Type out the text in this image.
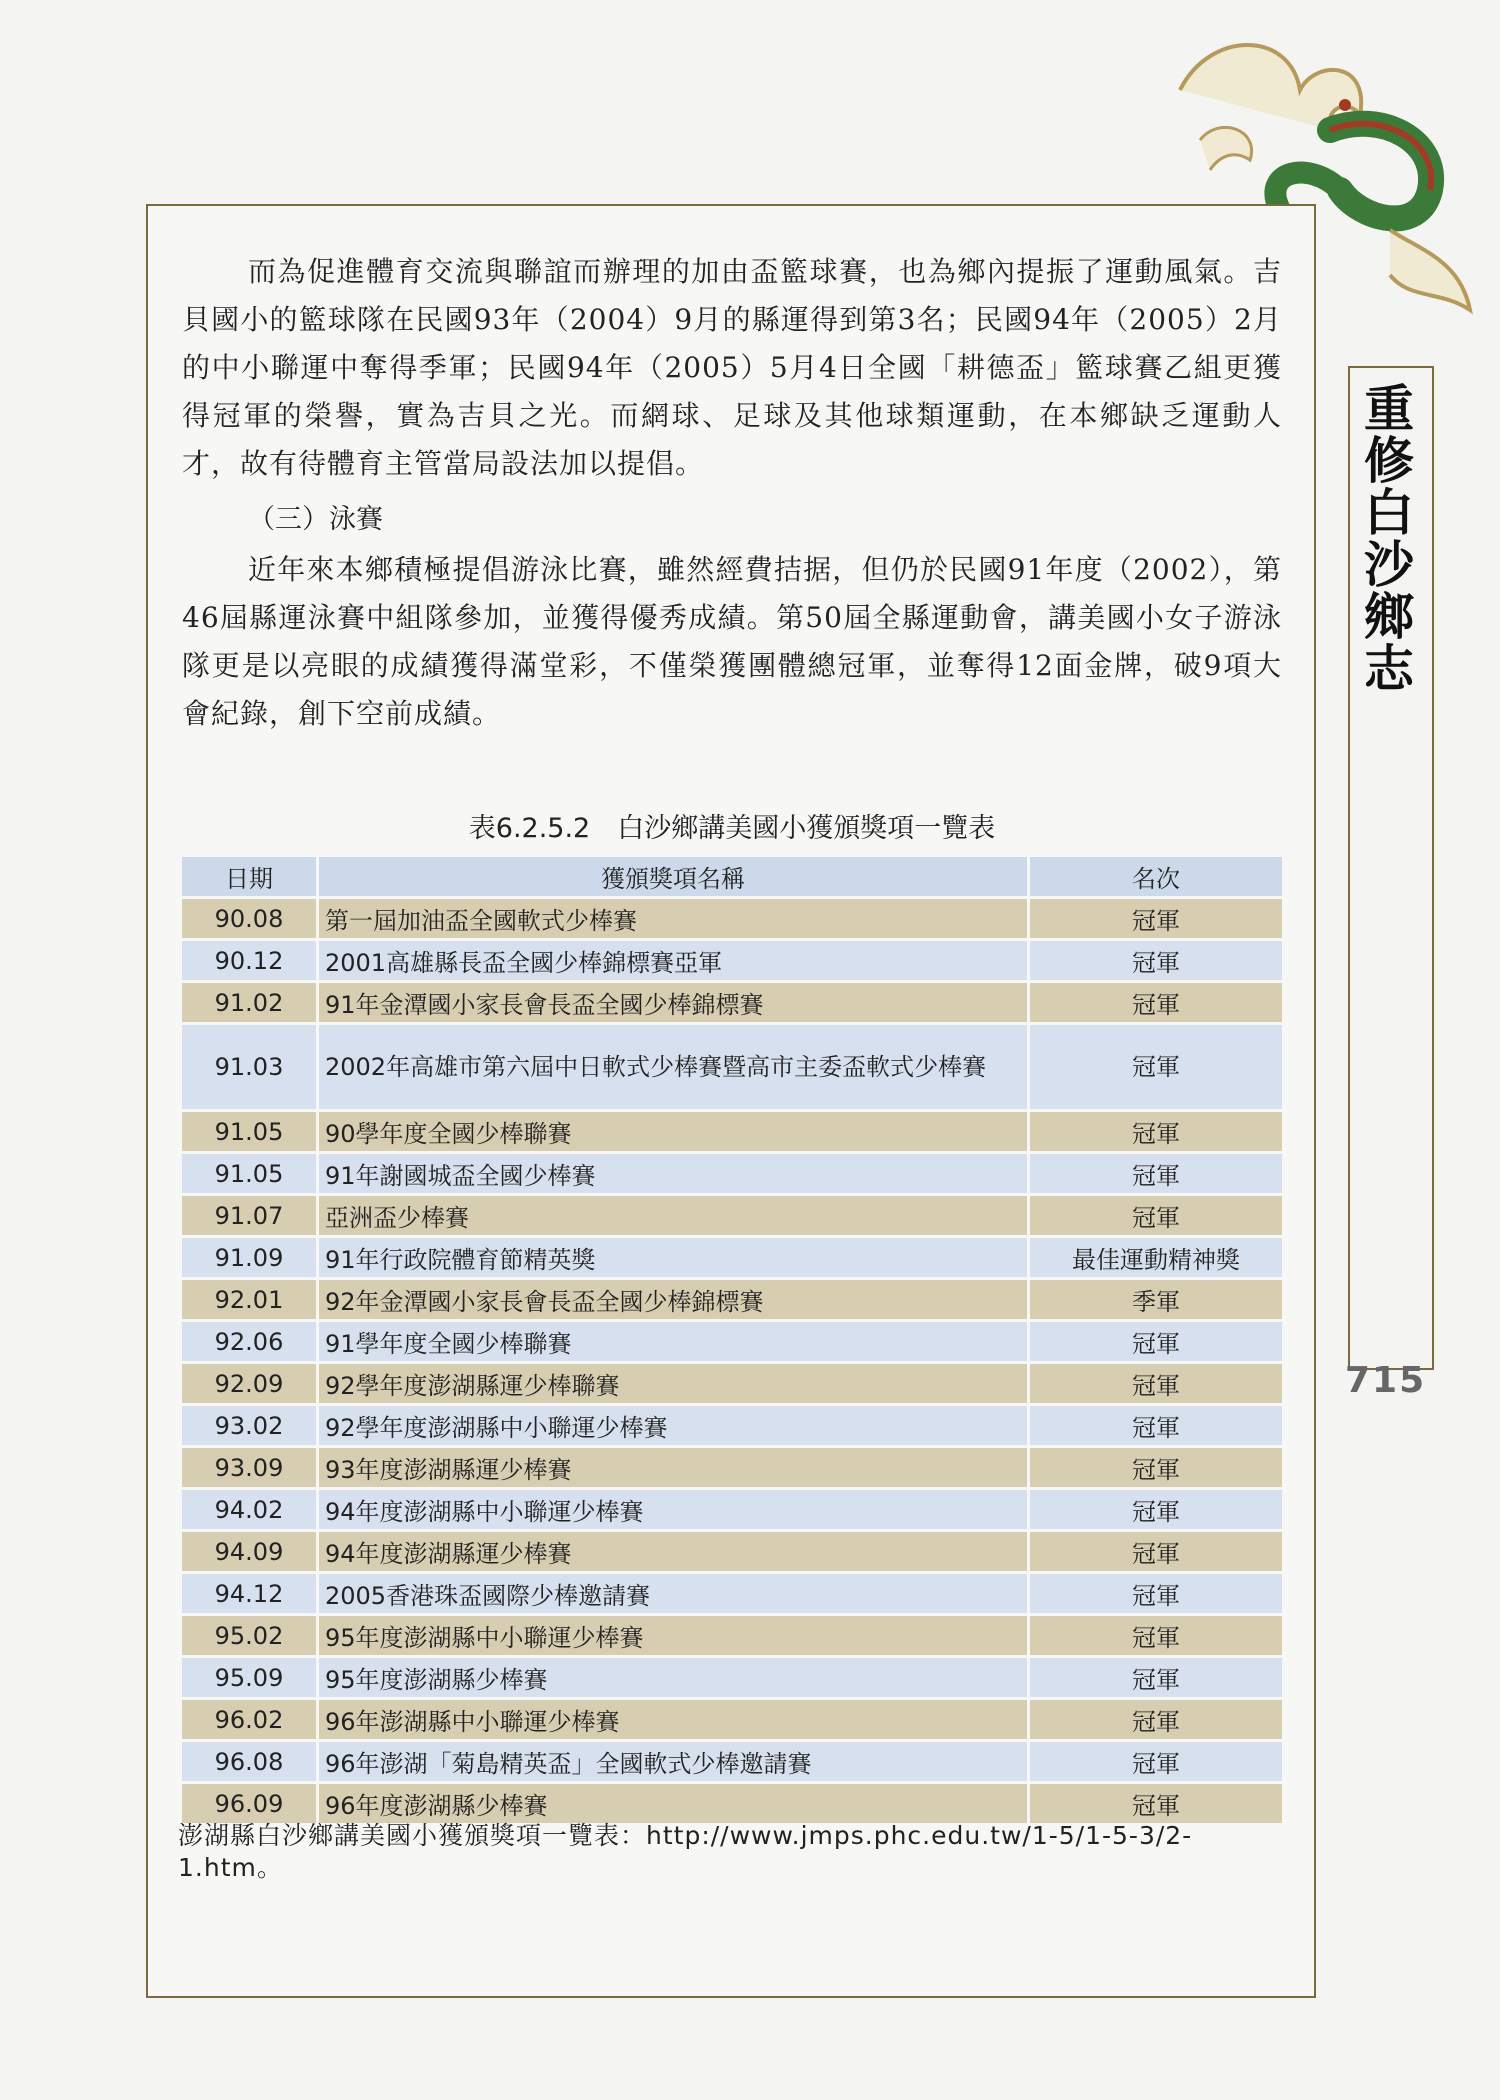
重修白沙鄉志
715

而為促進體育交流與聯誼而辦理的加由盃籃球賽，也為鄉內提振了運動風氣。吉貝國小的籃球隊在民國93年（2004）9月的縣運得到第3名；民國94年（2005）2月的中小聯運中奪得季軍；民國94年（2005）5月4日全國「耕德盃」籃球賽乙組更獲得冠軍的榮譽，實為吉貝之光。而網球、足球及其他球類運動，在本鄉缺乏運動人才，故有待體育主管當局設法加以提倡。

（三）泳賽

近年來本鄉積極提倡游泳比賽，雖然經費拮据，但仍於民國91年度（2002），第46屆縣運泳賽中組隊參加，並獲得優秀成績。第50屆全縣運動會，講美國小女子游泳隊更是以亮眼的成績獲得滿堂彩，不僅榮獲團體總冠軍，並奪得12面金牌，破9項大會紀錄，創下空前成績。

表6.2.5.2　白沙鄉講美國小獲頒獎項一覽表
日期	獲頒獎項名稱	名次
90.08	第一屆加油盃全國軟式少棒賽	冠軍
90.12	2001高雄縣長盃全國少棒錦標賽亞軍	冠軍
91.02	91年金潭國小家長會長盃全國少棒錦標賽	冠軍
91.03	2002年高雄市第六屆中日軟式少棒賽暨高市主委盃軟式少棒賽	冠軍
91.05	90學年度全國少棒聯賽	冠軍
91.05	91年謝國城盃全國少棒賽	冠軍
91.07	亞洲盃少棒賽	冠軍
91.09	91年行政院體育節精英獎	最佳運動精神獎
92.01	92年金潭國小家長會長盃全國少棒錦標賽	季軍
92.06	91學年度全國少棒聯賽	冠軍
92.09	92學年度澎湖縣運少棒聯賽	冠軍
93.02	92學年度澎湖縣中小聯運少棒賽	冠軍
93.09	93年度澎湖縣運少棒賽	冠軍
94.02	94年度澎湖縣中小聯運少棒賽	冠軍
94.09	94年度澎湖縣運少棒賽	冠軍
94.12	2005香港珠盃國際少棒邀請賽	冠軍
95.02	95年度澎湖縣中小聯運少棒賽	冠軍
95.09	95年度澎湖縣少棒賽	冠軍
96.02	96年澎湖縣中小聯運少棒賽	冠軍
96.08	96年澎湖「菊島精英盃」全國軟式少棒邀請賽	冠軍
96.09	96年度澎湖縣少棒賽	冠軍
澎湖縣白沙鄉講美國小獲頒獎項一覽表：http://www.jmps.phc.edu.tw/1-5/1-5-3/2-1.htm。
